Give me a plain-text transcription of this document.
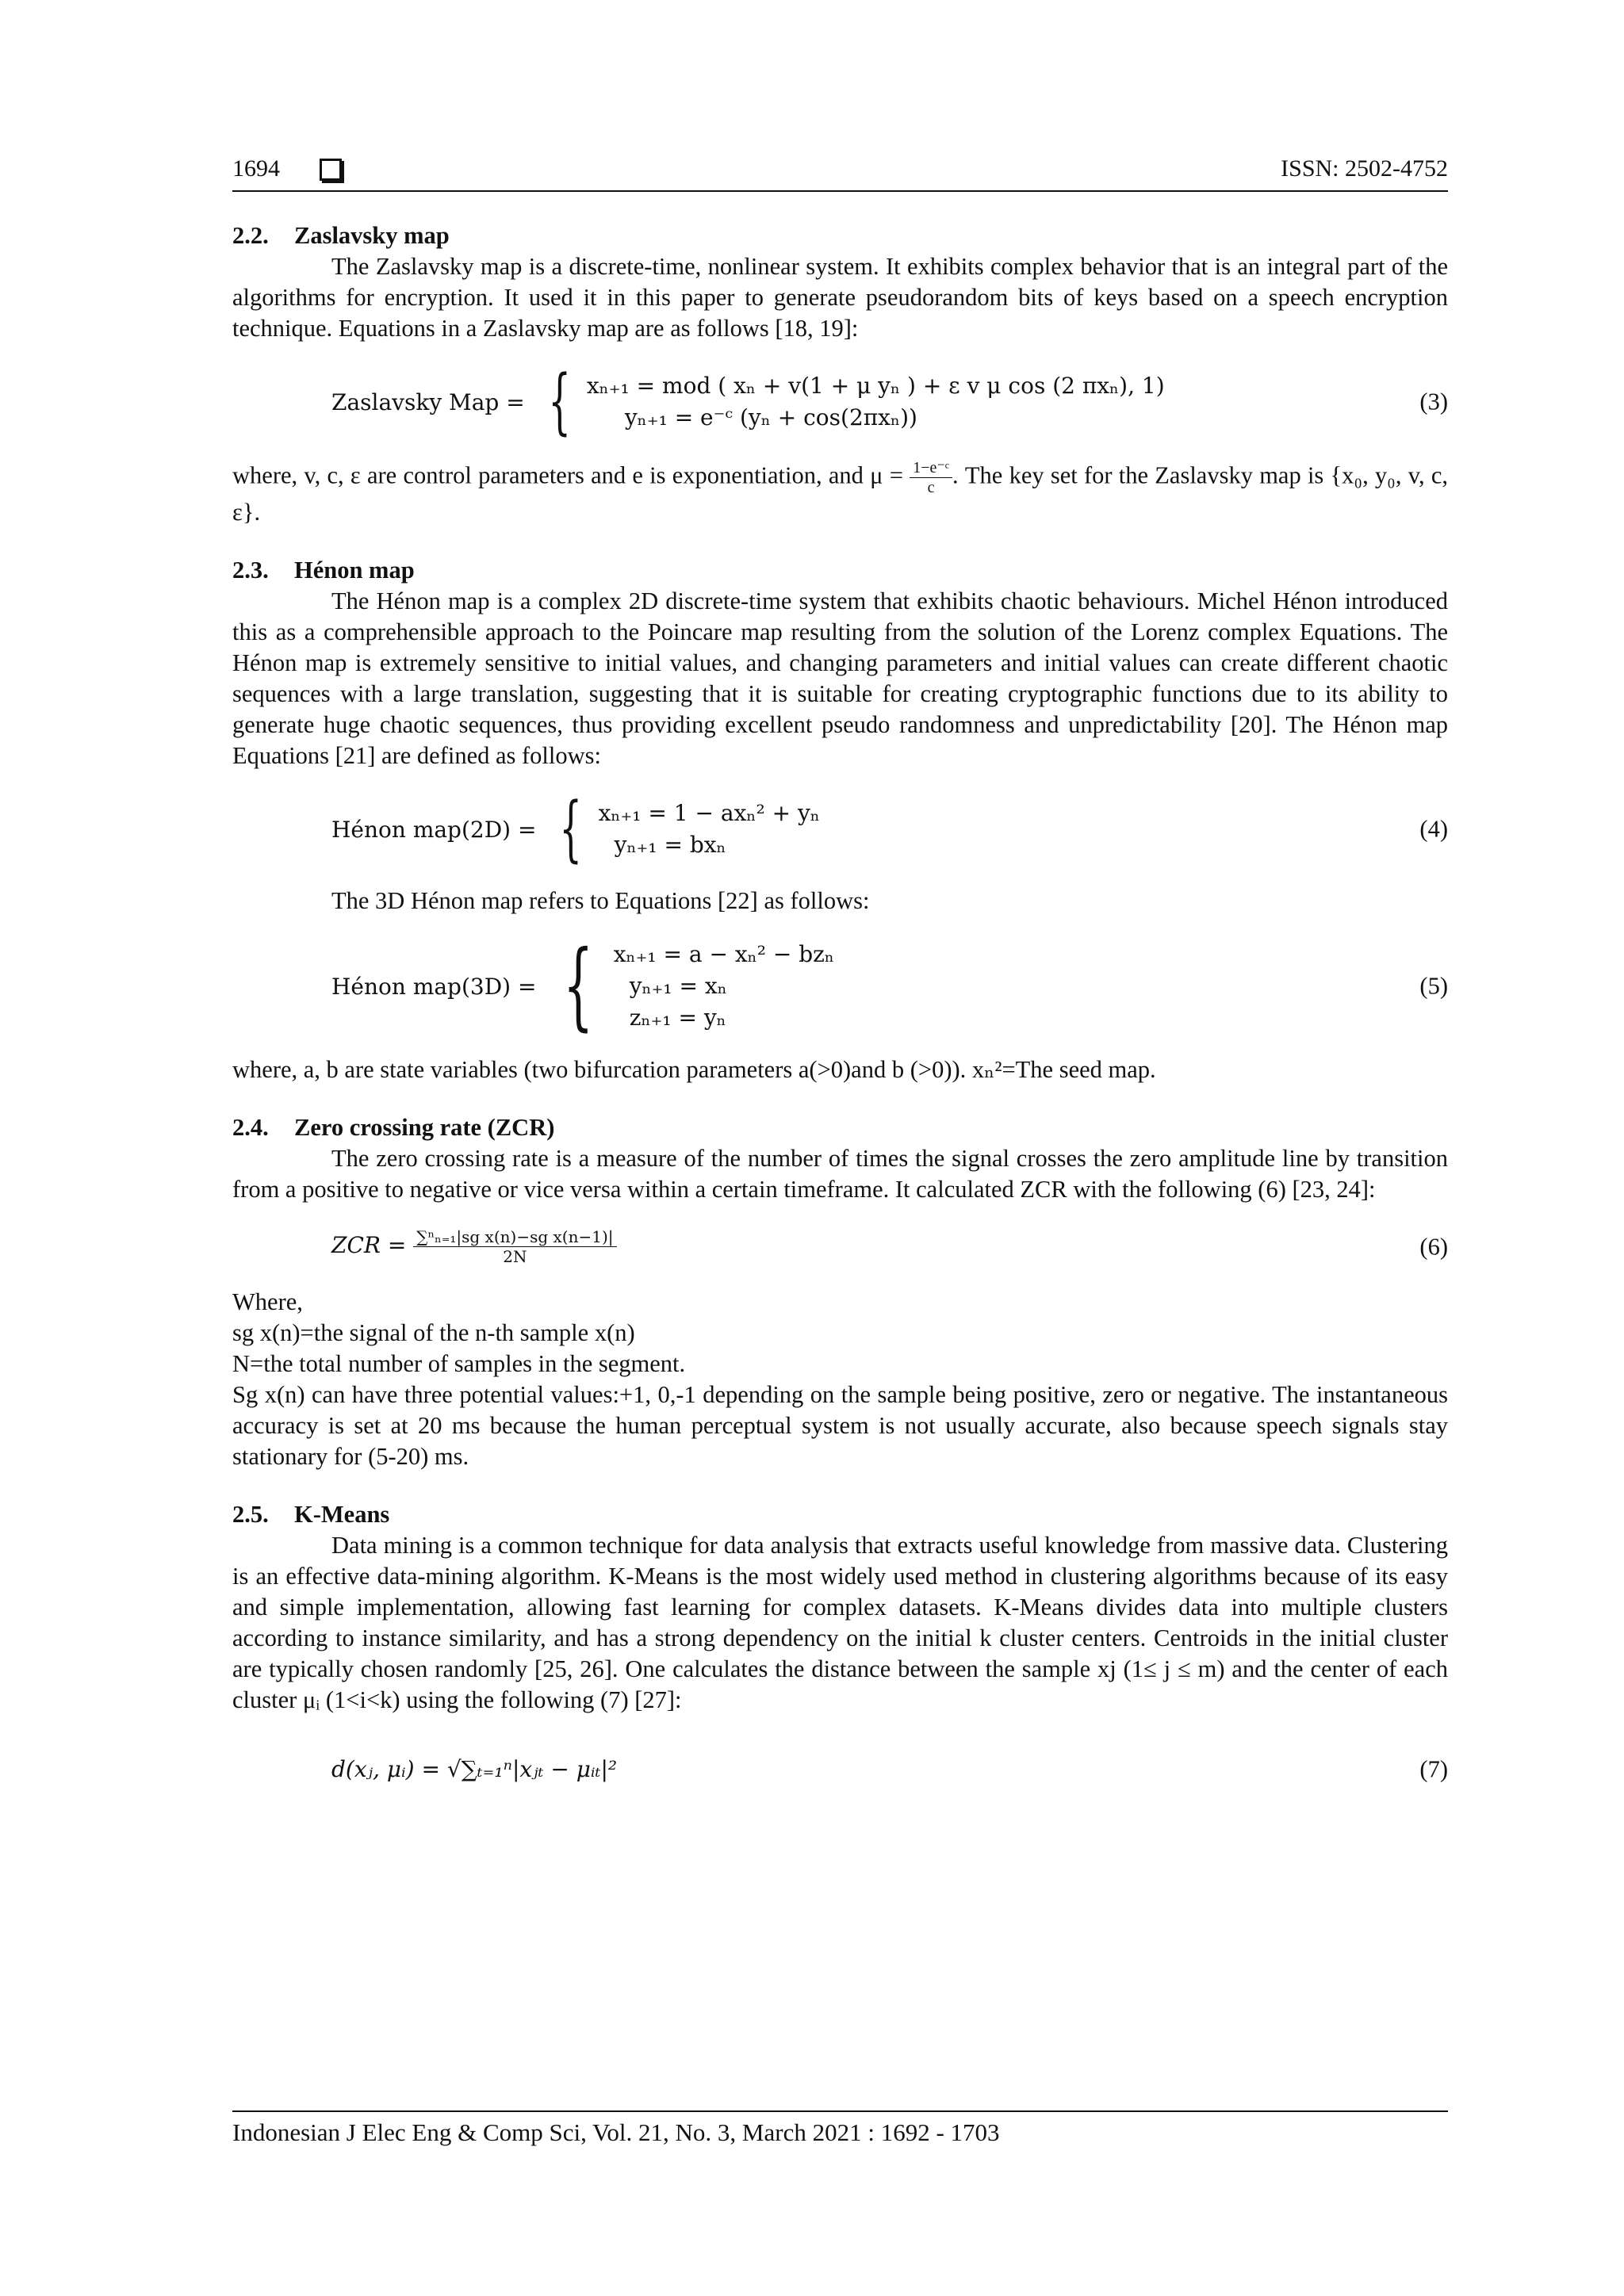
1694	ISSN: 2502-4752
2.2. Zaslavsky map

The Zaslavsky map is a discrete-time, nonlinear system. It exhibits complex behavior that is an integral part of the algorithms for encryption. It used it in this paper to generate pseudorandom bits of keys based on a speech encryption technique. Equations in a Zaslavsky map are as follows [18, 19]:

Zaslavsky Map = { xₙ₊₁ = mod ( xₙ + v(1 + μ yₙ ) + ε v μ cos (2 πxₙ), 1)
yₙ₊₁ = e⁻ᶜ (yₙ + cos(2πxₙ))
(3)

where, v, c, ε are control parameters and e is exponentiation, and $\mu = \frac{\text{1−e⁻ᶜ}}{c}$ . The key set for the Zaslavsky map is {x₀, y₀, v, c, ε}.

2.3. Hénon map

The Hénon map is a complex 2D discrete-time system that exhibits chaotic behaviours. Michel Hénon introduced this as a comprehensible approach to the Poincare map resulting from the solution of the Lorenz complex Equations. The Hénon map is extremely sensitive to initial values, and changing parameters and initial values can create different chaotic sequences with a large translation, suggesting that it is suitable for creating cryptographic functions due to its ability to generate huge chaotic sequences, thus providing excellent pseudo randomness and unpredictability [20]. The Hénon map Equations [21] are defined as follows:

Hénon map(2D) = { xₙ₊₁ = 1 − axₙ² + yₙ
yₙ₊₁ = bxₙ
(4)

The 3D Hénon map refers to Equations [22] as follows:

Hénon map(3D) = { xₙ₊₁ = a − xₙ² − bzₙ
yₙ₊₁ = xₙ
zₙ₊₁ = yₙ
(5)

where, a, b are state variables (two bifurcation parameters a(>0)and b (>0)). xₙ²=The seed map.

2.4. Zero crossing rate (ZCR)

The zero crossing rate is a measure of the number of times the signal crosses the zero amplitude line by transition from a positive to negative or vice versa within a certain timeframe. It calculated ZCR with the following (6) [23, 24]:

ZCR = $\frac{\text{∑ⁿₙ₌₁|sg x(n)−sg x(n−1)|}}{2N}$	(6)

Where,

sg x(n)=the signal of the n-th sample x(n)

N=the total number of samples in the segment.

Sg x(n) can have three potential values:+1, 0,-1 depending on the sample being positive, zero or negative. The instantaneous accuracy is set at 20 ms because the human perceptual system is not usually accurate, also because speech signals stay stationary for (5-20) ms.

2.5. K-Means

Data mining is a common technique for data analysis that extracts useful knowledge from massive data. Clustering is an effective data-mining algorithm. K-Means is the most widely used method in clustering algorithms because of its easy and simple implementation, allowing fast learning for complex datasets. K-Means divides data into multiple clusters according to instance similarity, and has a strong dependency on the initial k cluster centers. Centroids in the initial cluster are typically chosen randomly [25, 26]. One calculates the distance between the sample xj (1≤ j ≤ m) and the center of each cluster μᵢ (1<i<k) using the following (7) [27]:

d(xⱼ, μᵢ) = √∑ₜ₌₁ⁿ|xⱼₜ − μᵢₜ|²	(7)
Indonesian J Elec Eng & Comp Sci, Vol. 21, No. 3, March 2021 : 1692 - 1703
